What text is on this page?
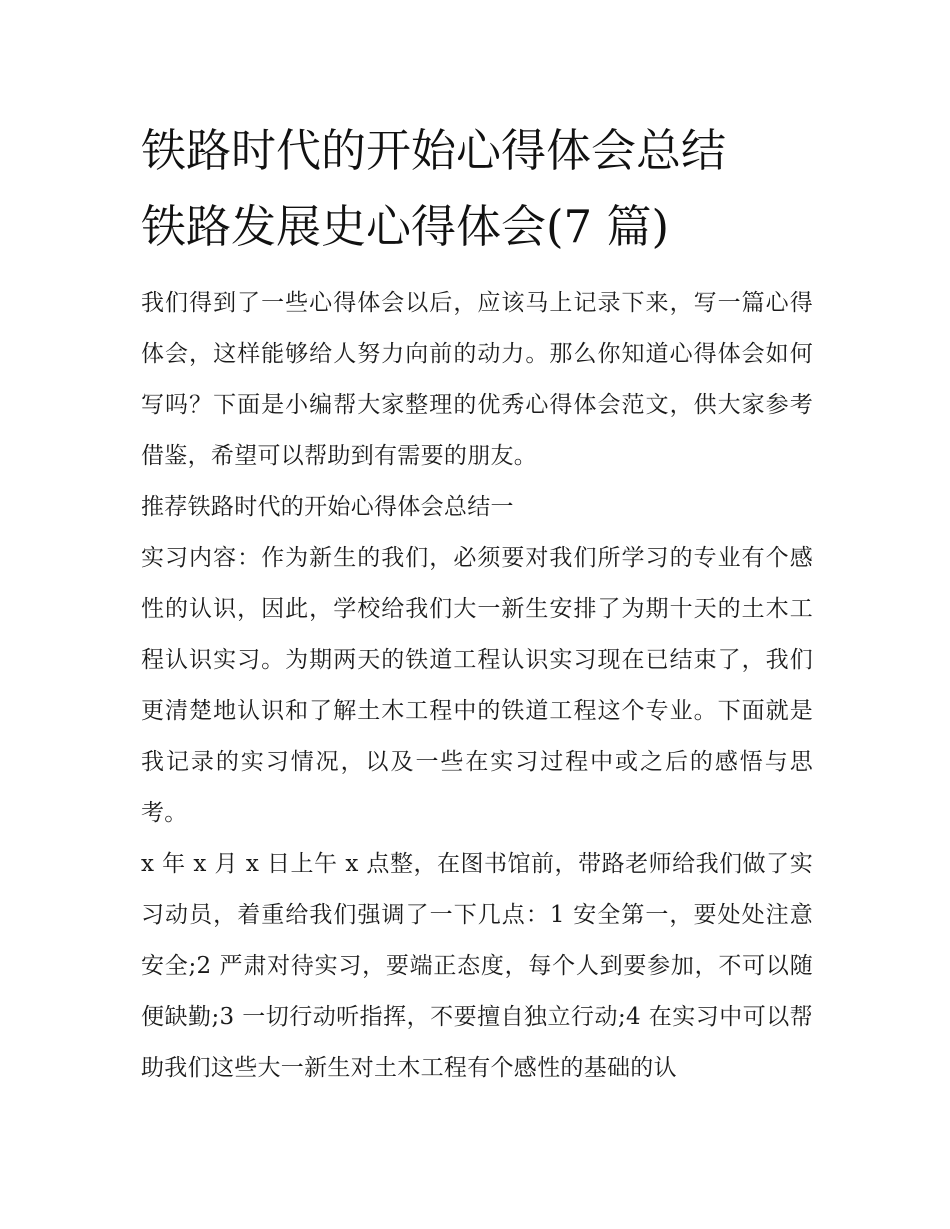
铁路时代的开始心得体会总结
铁路发展史心得体会(7 篇)

我们得到了一些心得体会以后，应该马上记录下来，写一篇心得体会，这样能够给人努力向前的动力。那么你知道心得体会如何写吗？下面是小编帮大家整理的优秀心得体会范文，供大家参考借鉴，希望可以帮助到有需要的朋友。

推荐铁路时代的开始心得体会总结一

实习内容：作为新生的我们，必须要对我们所学习的专业有个感性的认识，因此，学校给我们大一新生安排了为期十天的土木工程认识实习。为期两天的铁道工程认识实习现在已结束了，我们更清楚地认识和了解土木工程中的铁道工程这个专业。下面就是我记录的实习情况，以及一些在实习过程中或之后的感悟与思考。

x 年 x 月 x 日上午 x 点整，在图书馆前，带路老师给我们做了实习动员，着重给我们强调了一下几点：1 安全第一，要处处注意安全;2 严肃对待实习，要端正态度，每个人到要参加，不可以随便缺勤;3 一切行动听指挥，不要擅自独立行动;4 在实习中可以帮助我们这些大一新生对土木工程有个感性的基础的认
